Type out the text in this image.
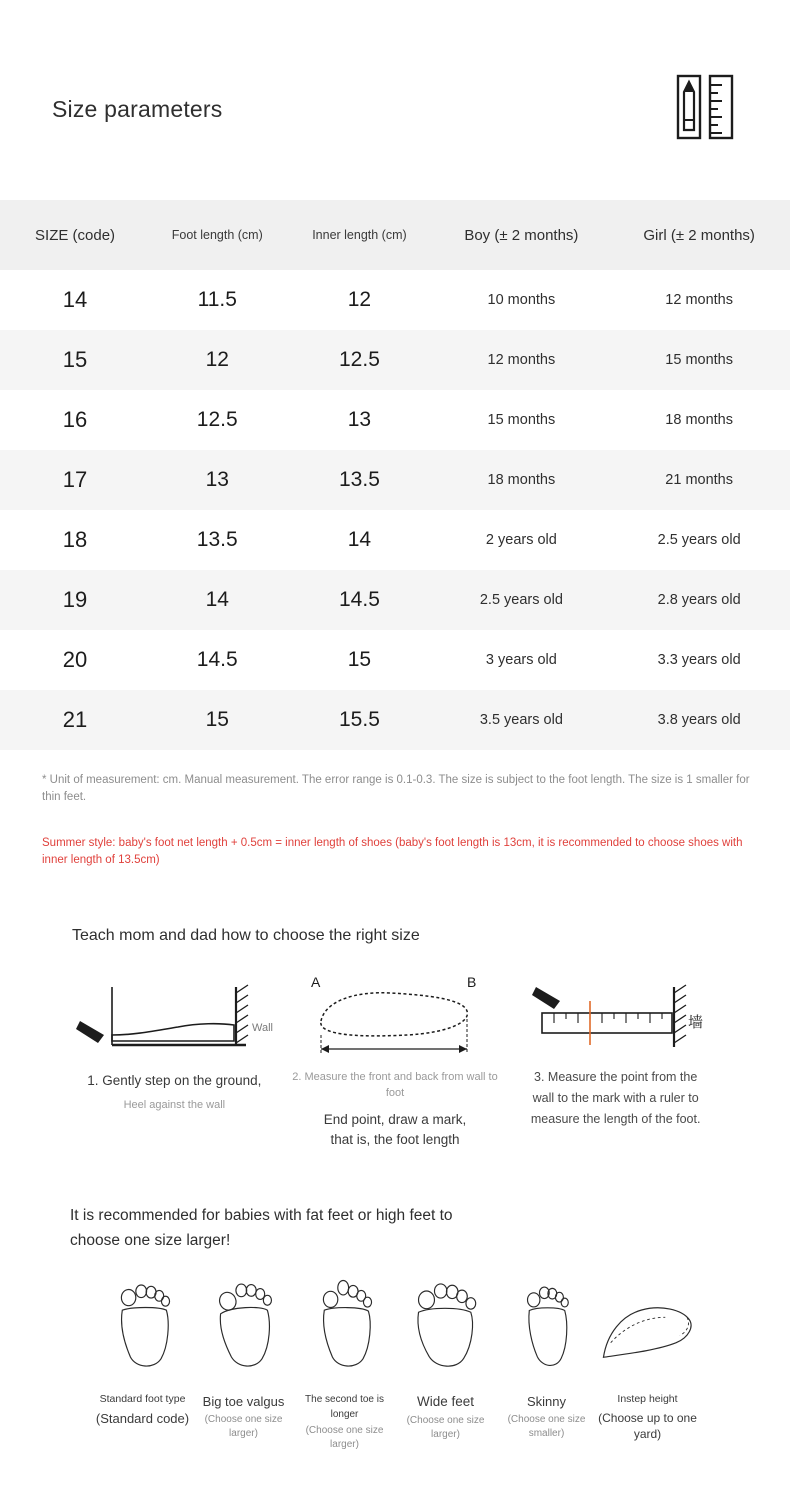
Size parameters
SIZE (code)	Foot length (cm)	Inner length (cm)	Boy (± 2 months)	Girl (± 2 months)
14	11.5	12	10 months	12 months
15	12	12.5	12 months	15 months
16	12.5	13	15 months	18 months
17	13	13.5	18 months	21 months
18	13.5	14	2 years old	2.5 years old
19	14	14.5	2.5 years old	2.8 years old
20	14.5	15	3 years old	3.3 years old
21	15	15.5	3.5 years old	3.8 years old

* Unit of measurement: cm. Manual measurement. The error range is 0.1-0.3. The size is subject to the foot length. The size is 1 smaller for thin feet.

Summer style: baby's foot net length + 0.5cm = inner length of shoes (baby's foot length is 13cm, it is recommended to choose shoes with inner length of 13.5cm)

Teach mom and dad how to choose the right size
Wall
1. Gently step on the ground,
Heel against the wall
A	B
2. Measure the front and back from wall to foot
End point, draw a mark,
that is, the foot length
墙
3. Measure the point from the
wall to the mark with a ruler to
measure the length of the foot.
It is recommended for babies with fat feet or high feet to choose one size larger!
Standard foot type
(Standard code)
Big toe valgus
(Choose one size larger)
The second toe is longer
(Choose one size larger)
Wide feet
(Choose one size larger)
Skinny
(Choose one size smaller)
Instep height
(Choose up to one yard)
